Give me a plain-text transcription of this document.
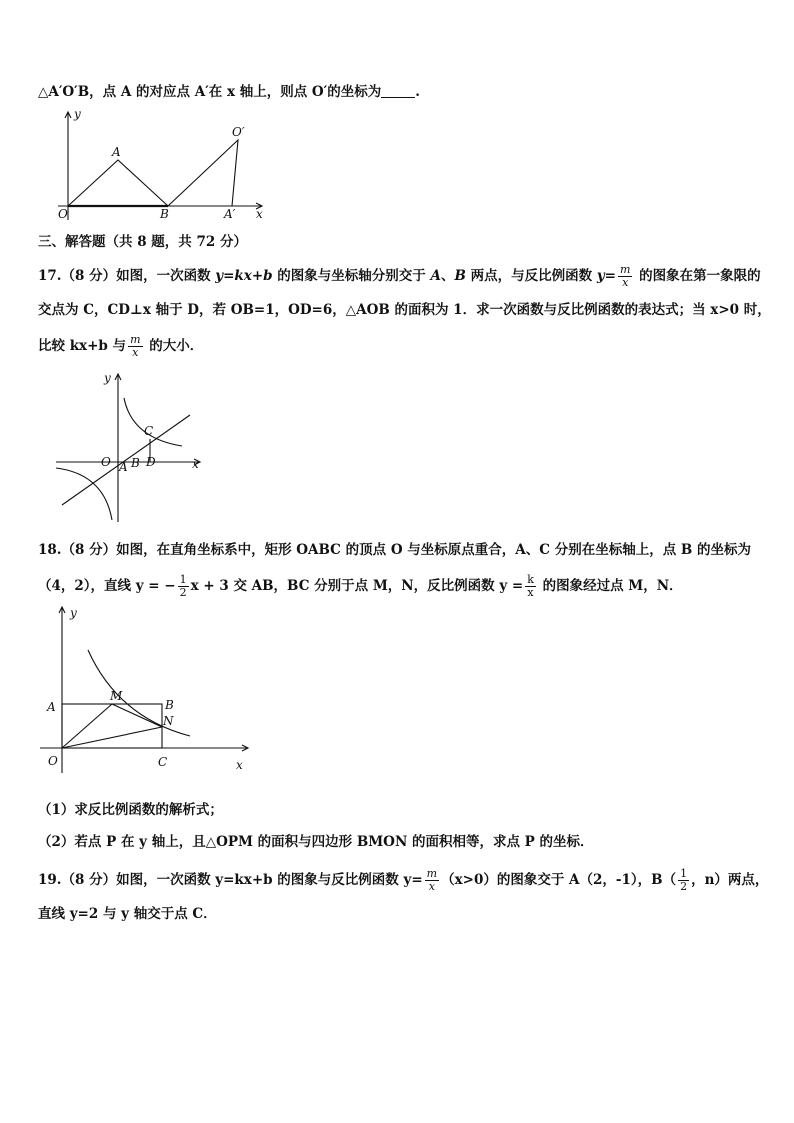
△A′O′B，点 A 的对应点 A′在 x 轴上，则点 O′的坐标为	.
y
x
O
A
B	A′
O′
三、解答题（共 8 题，共 72 分）
17.（8 分）如图，一次函数 y=kx+b 的图象与坐标轴分别交于 A、B 两点，与反比例函数 $y= \frac{m}{x}$ 的图象在第一象限的
交点为 C，CD⊥x 轴于 D，若 OB=1，OD=6，△AOB 的面积为 1．求一次函数与反比例函数的表达式；当 x>0 时，
比较 kx+b 与 $\frac{m}{x}$ 的大小．
y
x
O A B
C
D
18.（8 分）如图，在直角坐标系中，矩形 OABC 的顶点 O 与坐标原点重合，A、C 分别在坐标轴上，点 B 的坐标为
（4，2），直线 y = − $\frac{1}{2}$ x + 3 交 AB，BC 分别于点 M，N，反比例函数 $y = \frac{k}{x}$ 的图象经过点 M，N．
y
x
O
A	B
C
M
N
（1）求反比例函数的解析式；
（2）若点 P 在 y 轴上，且△OPM 的面积与四边形 BMON 的面积相等，求点 P 的坐标．
19.（8 分）如图，一次函数 y=kx+b 的图象与反比例函数 $y= \frac{m}{x} (x>0)$的图象交于 A（2，-1），$B( \frac{1}{2}$ ，n）两点，
直线 y=2 与 y 轴交于点 C．
